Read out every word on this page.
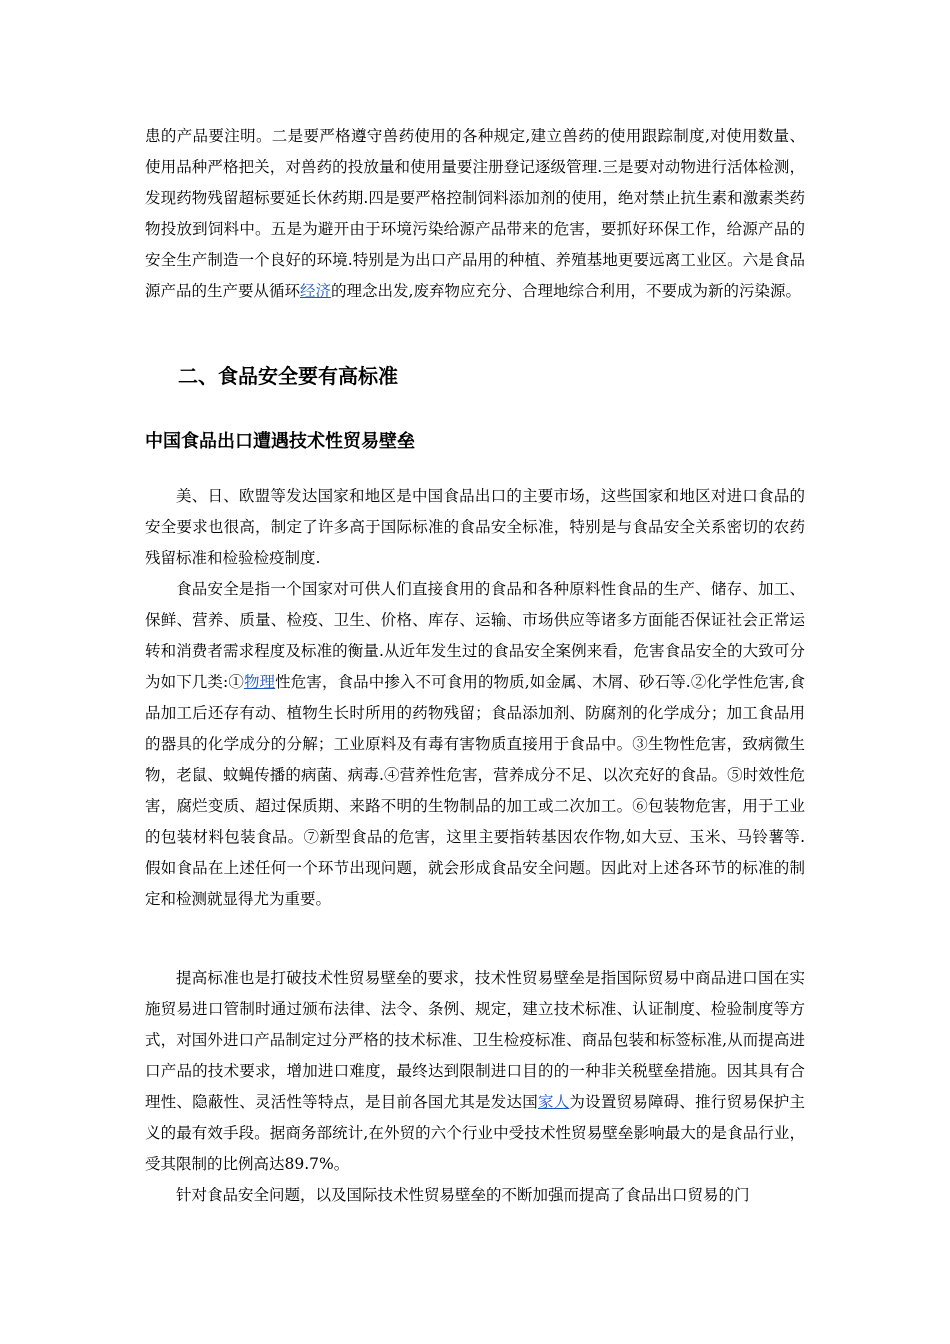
患的产品要注明。二是要严格遵守兽药使用的各种规定,建立兽药的使用跟踪制度,对使用数量、使用品种严格把关，对兽药的投放量和使用量要注册登记逐级管理.三是要对动物进行活体检测，发现药物残留超标要延长休药期.四是要严格控制饲料添加剂的使用，绝对禁止抗生素和激素类药物投放到饲料中。五是为避开由于环境污染给源产品带来的危害，要抓好环保工作，给源产品的安全生产制造一个良好的环境.特别是为出口产品用的种植、养殖基地更要远离工业区。六是食品源产品的生产要从循环经济的理念出发,废弃物应充分、合理地综合利用，不要成为新的污染源。

二、食品安全要有高标准
中国食品出口遭遇技术性贸易壁垒

美、日、欧盟等发达国家和地区是中国食品出口的主要市场，这些国家和地区对进口食品的安全要求也很高，制定了许多高于国际标准的食品安全标准，特别是与食品安全关系密切的农药残留标准和检验检疫制度.

食品安全是指一个国家对可供人们直接食用的食品和各种原料性食品的生产、储存、加工、保鲜、营养、质量、检疫、卫生、价格、库存、运输、市场供应等诸多方面能否保证社会正常运转和消费者需求程度及标准的衡量.从近年发生过的食品安全案例来看，危害食品安全的大致可分为如下几类:①物理性危害，食品中掺入不可食用的物质,如金属、木屑、砂石等.②化学性危害,食品加工后还存有动、植物生长时所用的药物残留；食品添加剂、防腐剂的化学成分；加工食品用的器具的化学成分的分解；工业原料及有毒有害物质直接用于食品中。③生物性危害，致病微生物，老鼠、蚊蝇传播的病菌、病毒.④营养性危害，营养成分不足、以次充好的食品。⑤时效性危害，腐烂变质、超过保质期、来路不明的生物制品的加工或二次加工。⑥包装物危害，用于工业的包装材料包装食品。⑦新型食品的危害，这里主要指转基因农作物,如大豆、玉米、马铃薯等.假如食品在上述任何一个环节出现问题，就会形成食品安全问题。因此对上述各环节的标准的制定和检测就显得尤为重要。

提高标准也是打破技术性贸易壁垒的要求，技术性贸易壁垒是指国际贸易中商品进口国在实施贸易进口管制时通过颁布法律、法令、条例、规定，建立技术标准、认证制度、检验制度等方式，对国外进口产品制定过分严格的技术标准、卫生检疫标准、商品包装和标签标准,从而提高进口产品的技术要求，增加进口难度，最终达到限制进口目的的一种非关税壁垒措施。因其具有合理性、隐蔽性、灵活性等特点，是目前各国尤其是发达国家人为设置贸易障碍、推行贸易保护主义的最有效手段。据商务部统计,在外贸的六个行业中受技术性贸易壁垒影响最大的是食品行业，受其限制的比例高达89.7%。

针对食品安全问题，以及国际技术性贸易壁垒的不断加强而提高了食品出口贸易的门
